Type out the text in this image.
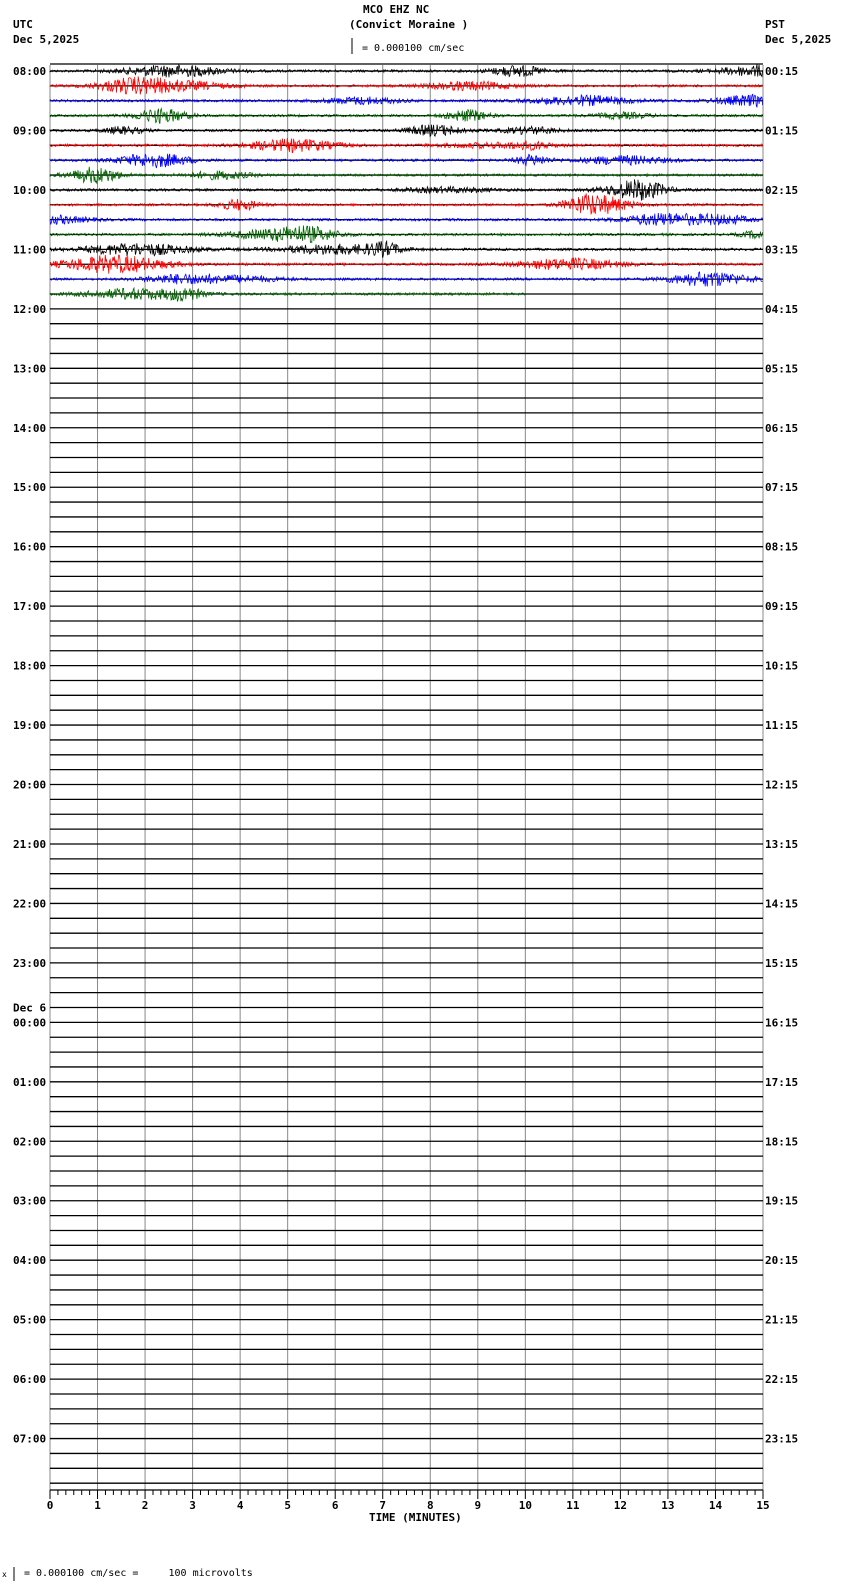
MCO EHZ NC
(Convict Moraine )
= 0.000100 cm/sec
UTC
Dec 5,2025
PST
Dec 5,2025
TIME (MINUTES)
x = 0.000100 cm/sec =     100 microvolts
08:00	00:15
09:00	01:15
10:00	02:15
11:00	03:15
12:00	04:15
13:00	05:15
14:00	06:15
15:00	07:15
16:00	08:15
17:00	09:15
18:00	10:15
19:00	11:15
20:00	12:15
21:00	13:15
22:00	14:15
23:00	15:15
Dec 6
00:00	16:15
01:00	17:15
02:00	18:15
03:00	19:15
04:00	20:15
05:00	21:15
06:00	22:15
07:00	23:15
0	1	2	3	4	5	6	7	8	9	10	11	12	13	14	15
